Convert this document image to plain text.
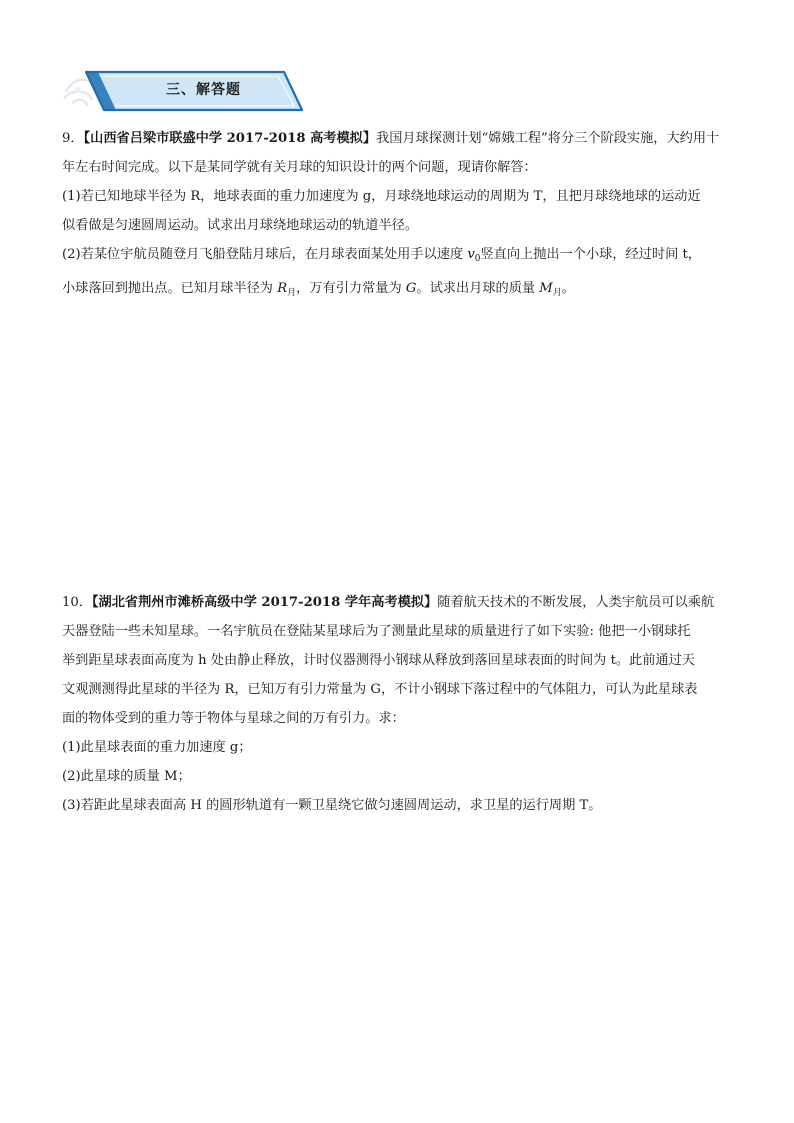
三、解答题
9．【山西省吕梁市联盛中学 2017-2018 高考模拟】我国月球探测计划“嫦娥工程”将分三个阶段实施，大约用十
年左右时间完成。以下是某同学就有关月球的知识设计的两个问题，现请你解答：
(1)若已知地球半径为 R，地球表面的重力加速度为 g，月球绕地球运动的周期为 T，且把月球绕地球的运动近
似看做是匀速圆周运动。试求出月球绕地球运动的轨道半径。
(2)若某位宇航员随登月飞船登陆月球后，在月球表面某处用手以速度 $v_0$竖直向上抛出一个小球，经过时间 t，
小球落回到抛出点。已知月球半径为 $R_月$，万有引力常量为 G。试求出月球的质量 $M_月$。
10．【湖北省荆州市滩桥高级中学 2017-2018 学年高考模拟】随着航天技术的不断发展，人类宇航员可以乘航
天器登陆一些未知星球。一名宇航员在登陆某星球后为了测量此星球的质量进行了如下实验: 他把一小钢球托
举到距星球表面高度为 h 处由静止释放，计时仪器测得小钢球从释放到落回星球表面的时间为 t。此前通过天
文观测测得此星球的半径为 R，已知万有引力常量为 G，不计小钢球下落过程中的气体阻力，可认为此星球表
面的物体受到的重力等于物体与星球之间的万有引力。求：
(1)此星球表面的重力加速度 g；
(2)此星球的质量 M；
(3)若距此星球表面高 H 的圆形轨道有一颗卫星绕它做匀速圆周运动，求卫星的运行周期 T。
